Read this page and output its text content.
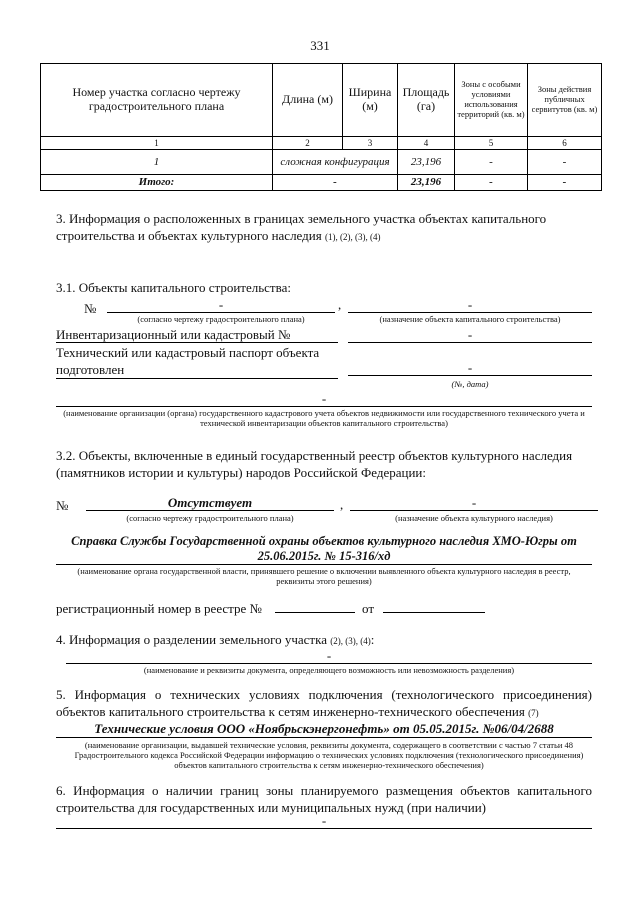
331
Номер участка согласно чертежу градостроительного плана	Длина (м)	Ширина (м)	Площадь (га)	Зоны с особыми условиями использования территорий (кв. м)	Зоны действия публичных сервитутов (кв. м)
1	2	3	4	5	6
1	сложная конфигурация		23,196	-	-
Итого:	-		23,196	-	-
3. Информация о расположенных в границах земельного участка объектах капитального
строительства и объектах культурного наследия (1), (2), (3), (4)
3.1. Объекты капитального строительства:
№	-	,	-
(согласно чертежу градостроительного плана)	(назначение объекта капитального строительства)
Инвентаризационный или кадастровый №	-
Технический или кадастровый паспорт объекта
подготовлен	-
(№, дата)
-
(наименование организации (органа) государственного кадастрового учета объектов недвижимости или государственного технического учета и
технической инвентаризации объектов капитального строительства)
3.2. Объекты, включенные в единый государственный реестр объектов культурного наследия
(памятников истории и культуры) народов Российской Федерации:
№	Отсутствует	,	-
(согласно чертежу градостроительного плана)	(назначение объекта культурного наследия)
Справка Службы Государственной охраны объектов культурного наследия ХМО-Югры от
25.06.2015г. № 15-316/хд
(наименование органа государственной власти, принявшего решение о включении выявленного объекта культурного наследия в реестр,
реквизиты этого решения)
регистрационный номер в реестре №	от
4. Информация о разделении земельного участка (2), (3), (4):
-
(наименование и реквизиты документа, определяющего возможность или невозможность разделения)
5. Информация о технических условиях подключения (технологического присоединения)
объектов капитального строительства к сетям инженерно-технического обеспечения (7)
Технические условия ООО «Ноябрьскэнергонефть» от 05.05.2015г. №06/04/2688
(наименование организации, выдавшей технические условия, реквизиты документа, содержащего в соответствии с частью 7 статьи 48
Градостроительного кодекса Российской Федерации информацию о технических условиях подключения (технологического присоединения)
объектов капитального строительства к сетям инженерно-технического обеспечения)
6. Информация о наличии границ зоны планируемого размещения объектов капитального
строительства для государственных или муниципальных нужд (при наличии)
-
